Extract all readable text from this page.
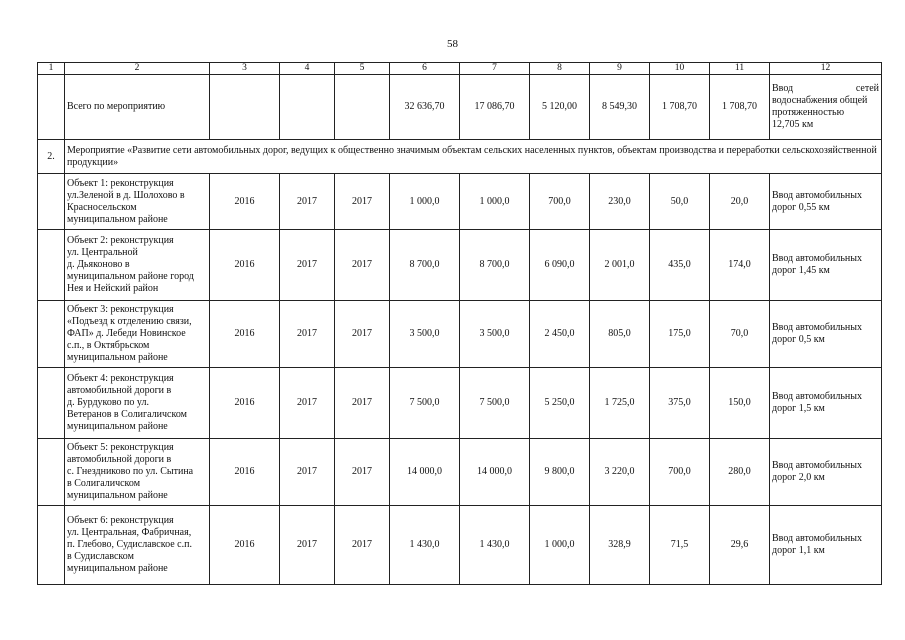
58
1	2	3	4	5	6	7	8	9	10	11	12
	Всего по мероприятию				32 636,70	17 086,70	5 120,00	8 549,30	1 708,70	1 708,70	Ввод сетей
водоснабжения общей
протяженностью
12,705 км

2.	Мероприятие «Развитие сети автомобильных дорог, ведущих к общественно значимым объектам сельских населенных пунктов, объектам производства и переработки сельскохозяйственной продукции»										

	Объект 1: реконструкция
ул.Зеленой в д. Шолохово в
Красносельском
муниципальном районе	2016	2017	2017	1 000,0	1 000,0	700,0	230,0	50,0	20,0	Ввод автомобильных
дорог 0,55 км

	Объект 2: реконструкция
ул. Центральной
д. Дьяконово в
муниципальном районе город
Нея и Нейский район	2016	2017	2017	8 700,0	8 700,0	6 090,0	2 001,0	435,0	174,0	Ввод автомобильных
дорог 1,45 км

	Объект 3: реконструкция
«Подъезд к отделению связи,
ФАП» д. Лебеди Новинское
с.п., в Октябрьском
муниципальном районе	2016	2017	2017	3 500,0	3 500,0	2 450,0	805,0	175,0	70,0	Ввод автомобильных
дорог 0,5 км

	Объект 4: реконструкция
автомобильной дороги в
д. Бурдуково по ул.
Ветеранов в Солигаличском
муниципальном районе	2016	2017	2017	7 500,0	7 500,0	5 250,0	1 725,0	375,0	150,0	Ввод автомобильных
дорог 1,5 км

	Объект 5: реконструкция
автомобильной дороги в
с. Гнездниково по ул. Сытина
в Солигаличском
муниципальном районе	2016	2017	2017	14 000,0	14 000,0	9 800,0	3 220,0	700,0	280,0	Ввод автомобильных
дорог 2,0 км

	Объект 6: реконструкция
ул. Центральная, Фабричная,
п. Глебово, Судиславское с.п.
в Судиславском
муниципальном районе	2016	2017	2017	1 430,0	1 430,0	1 000,0	328,9	71,5	29,6	Ввод автомобильных
дорог 1,1 км
